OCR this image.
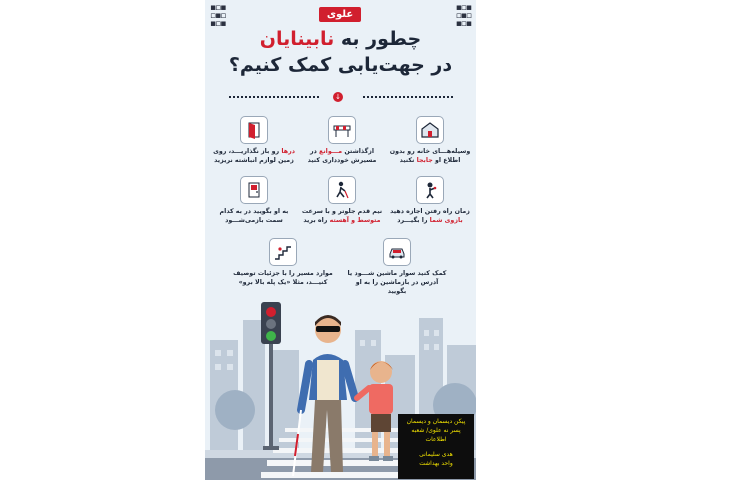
▪▫▪
▫▪▫
▪▫▪
▪▫▪
▫▪▫
▪▫▪
علوی
چطور به نابینایان
در جهت‌یابی کمک کنیم؟
↓
وسیله‌هـــای خانه رو بدون اطلاع او جابجا نکنید
ازگذاشتن مـــوانع در مسیرش خودداری کنید
درها رو باز نگذاریـــد، روی زمین لوازم انباشته نریزید
زمان راه رفتن اجازه دهید بازوی شما را بگیـــرد
نیم قدم جلوتر و با سرعت متوسط و آهسته راه برید
به او بگویید در به کدام سمت بازمی‌شـــود
کمک کنید سوار ماشین شـــود یا آدرس در بازماشین را به او بگویید
موارد مسیر را با جزئیات توصیف کنیـــد، مثلا «یک پله بالا برو»
پیکن دیسمان و دیسمان
پسر نه علوی/ شعبه
اطلاعات
هدی سلیمانی
واحد بهداشت
